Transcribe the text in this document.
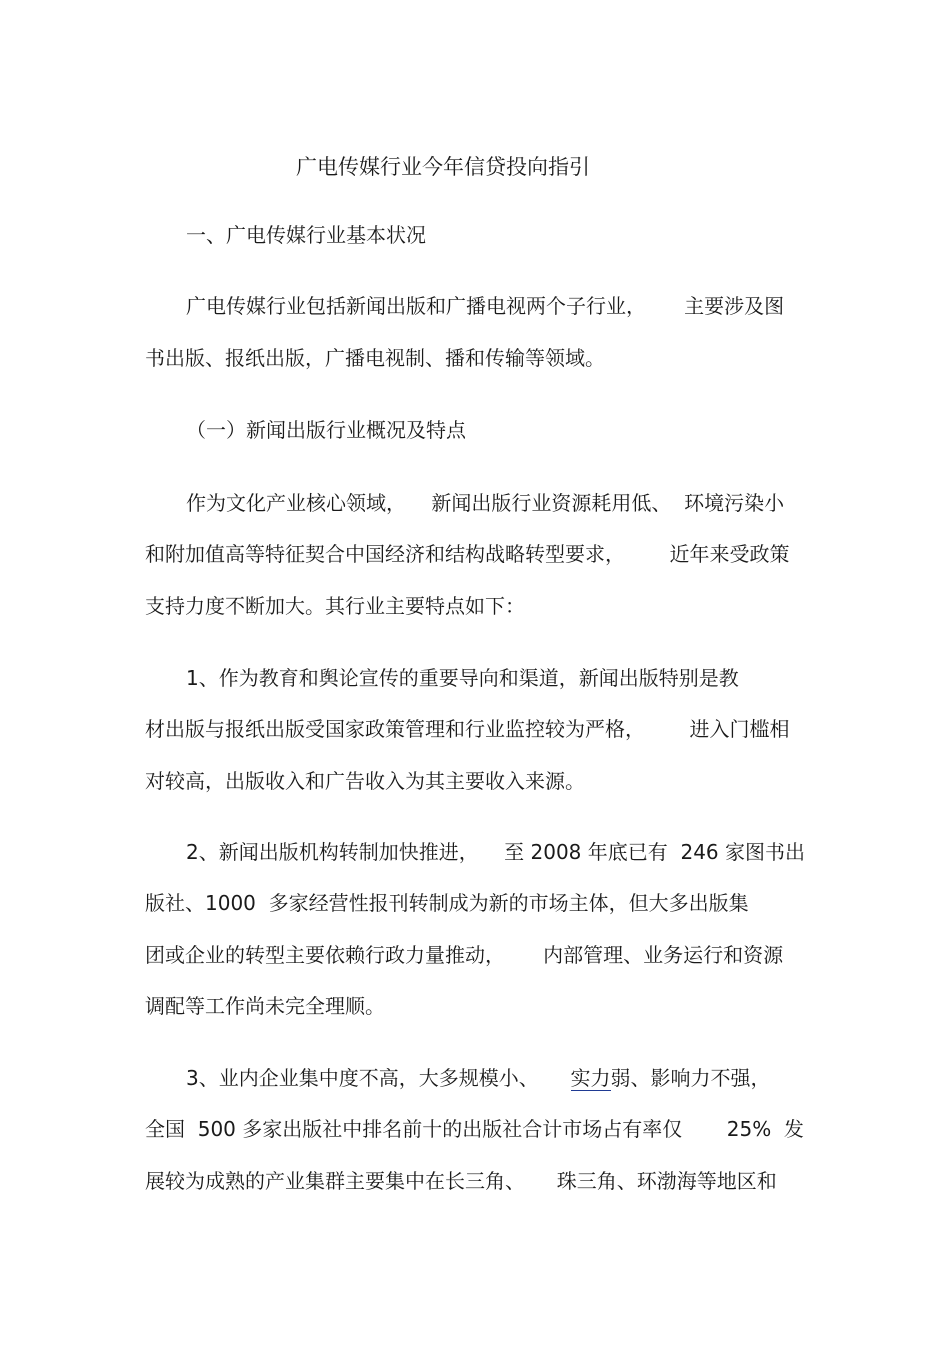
广电传媒行业今年信贷投向指引
一、广电传媒行业基本状况
广电传媒行业包括新闻出版和广播电视两个子行业，      主要涉及图
书出版、报纸出版，广播电视制、播和传输等领域。
（一）新闻出版行业概况及特点
作为文化产业核心领域，    新闻出版行业资源耗用低、  环境污染小
和附加值高等特征契合中国经济和结构战略转型要求，       近年来受政策
支持力度不断加大。其行业主要特点如下：
1、作为教育和舆论宣传的重要导向和渠道，新闻出版特别是教
材出版与报纸出版受国家政策管理和行业监控较为严格，       进入门槛相
对较高，出版收入和广告收入为其主要收入来源。
2、新闻出版机构转制加快推进，    至 2008 年底已有  246 家图书出
版社、1000  多家经营性报刊转制成为新的市场主体，但大多出版集
团或企业的转型主要依赖行政力量推动，      内部管理、业务运行和资源
调配等工作尚未完全理顺。
3、业内企业集中度不高，大多规模小、     实力弱、影响力不强，
全国  500 多家出版社中排名前十的出版社合计市场占有率仅       25%  发
展较为成熟的产业集群主要集中在长三角、     珠三角、环渤海等地区和
